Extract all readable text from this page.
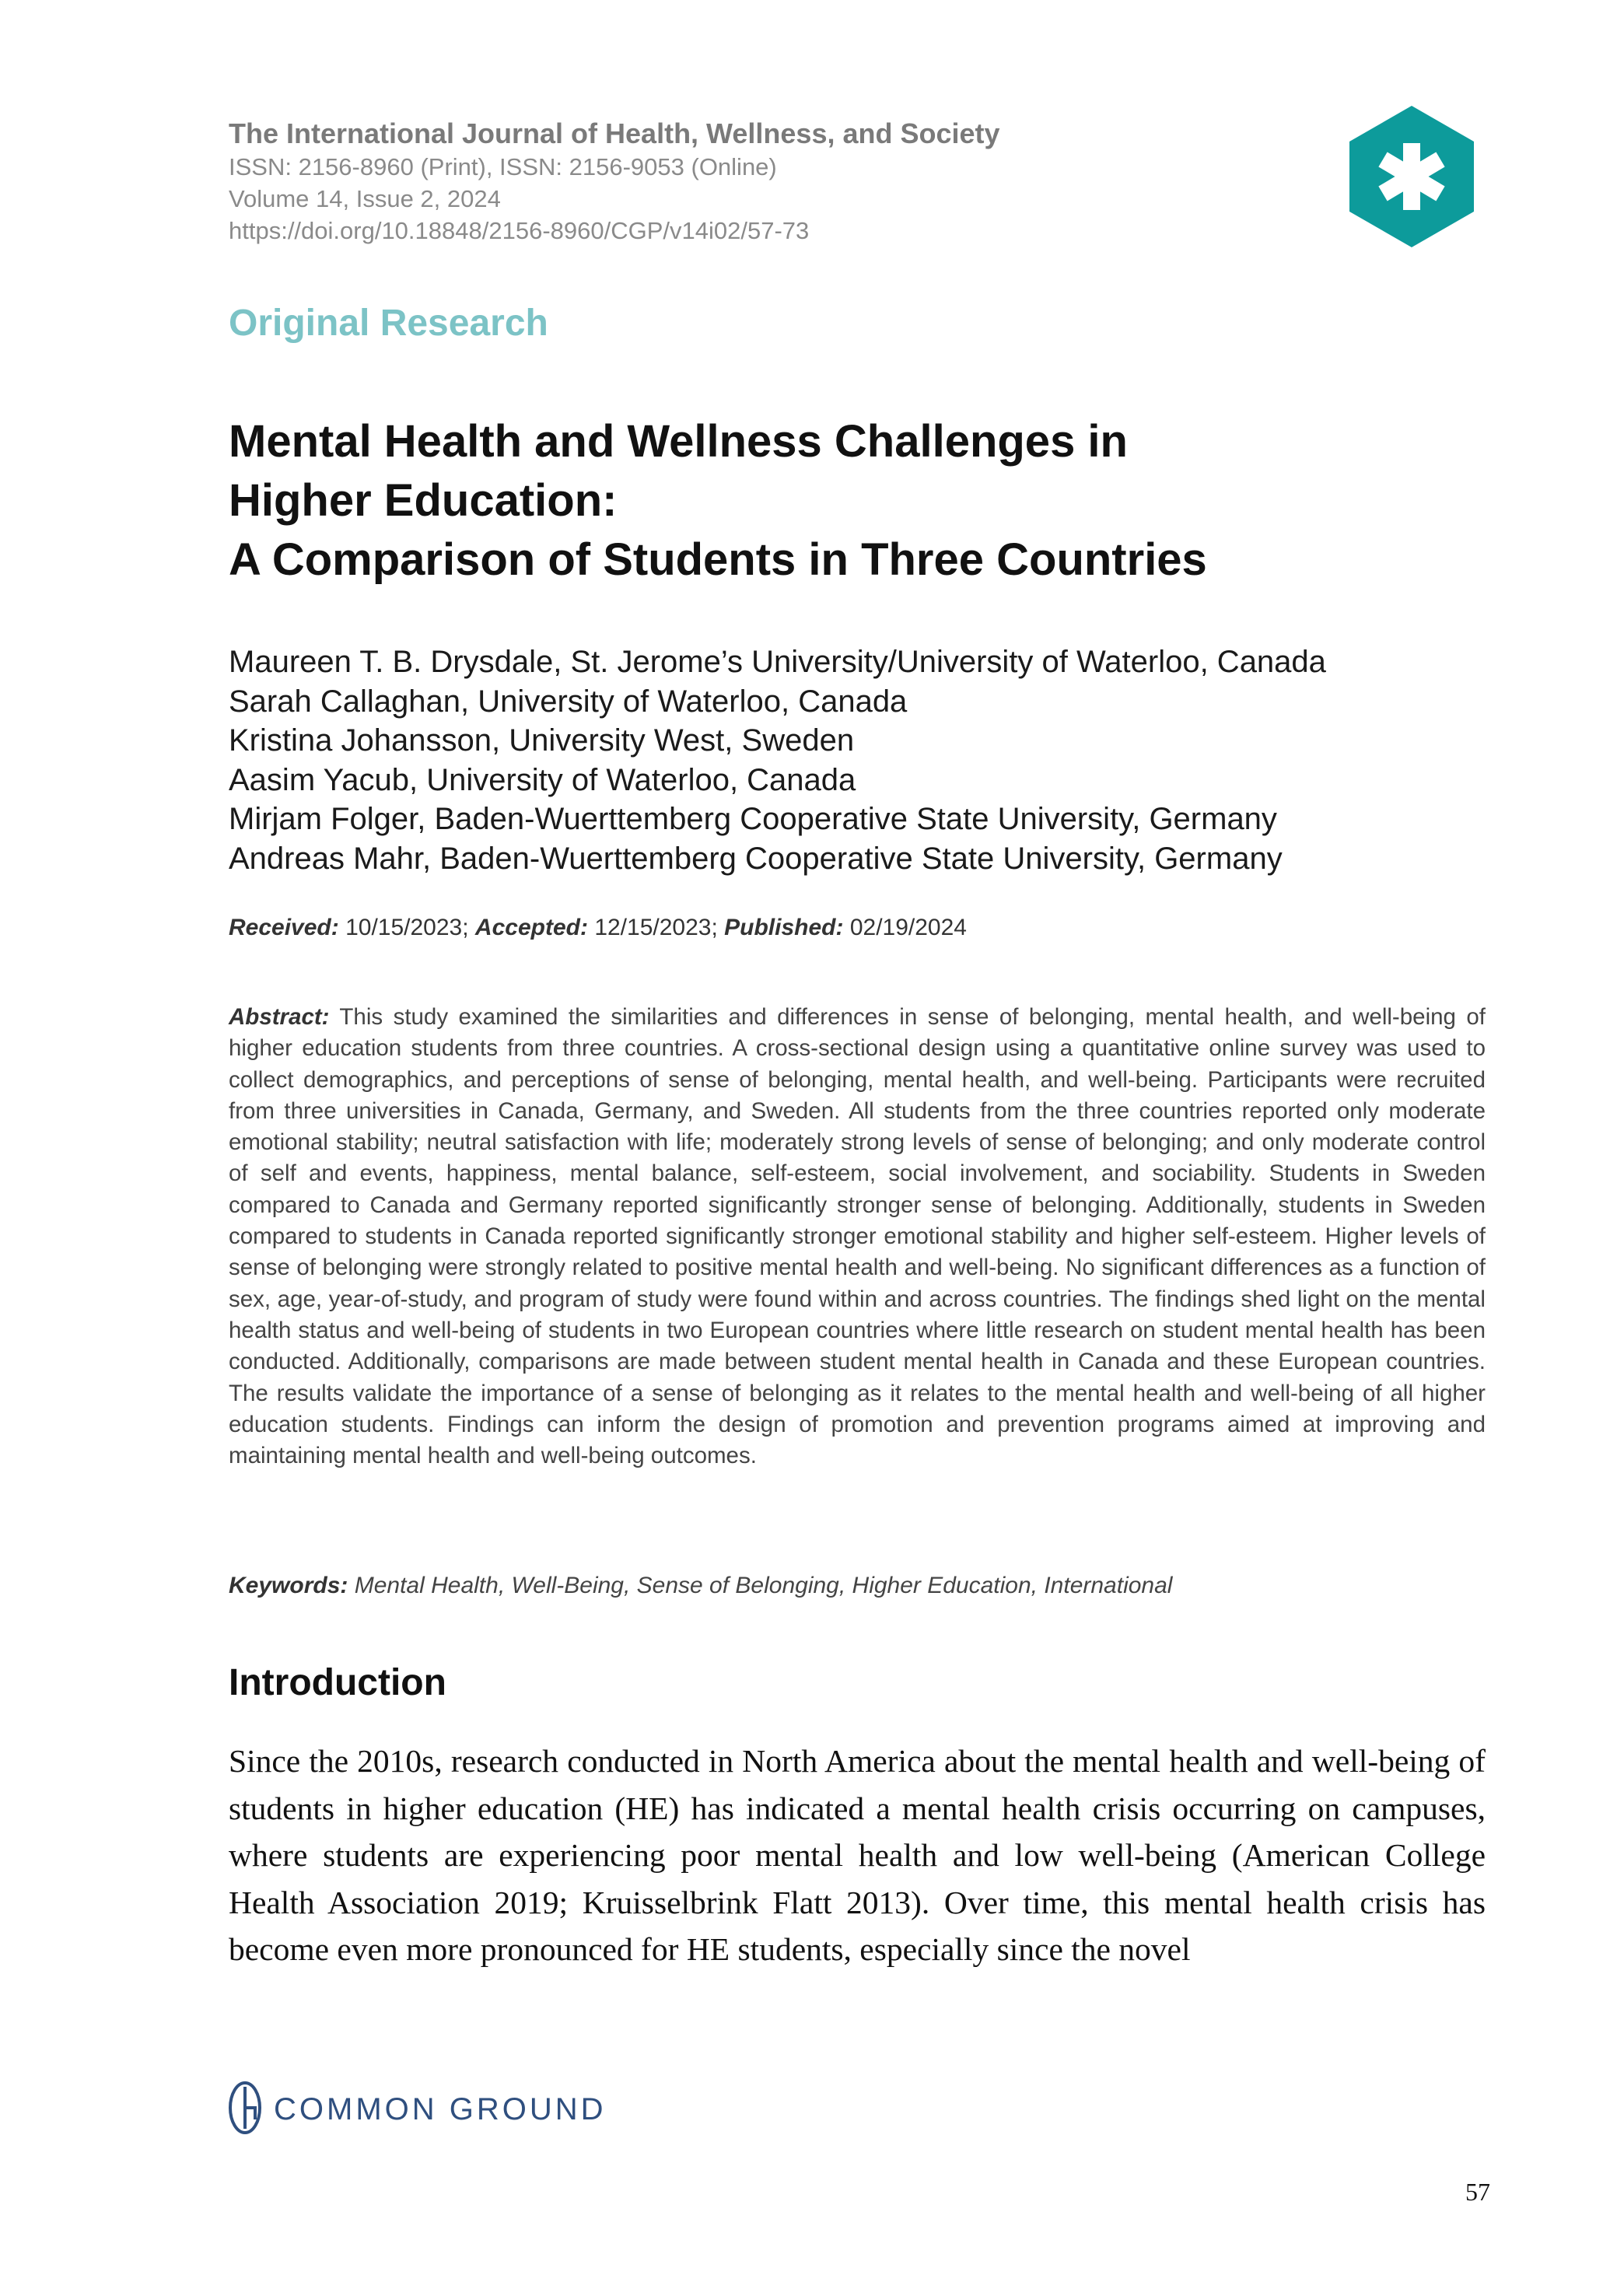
The International Journal of Health, Wellness, and Society
ISSN: 2156-8960 (Print), ISSN: 2156-9053 (Online)
Volume 14, Issue 2, 2024
https://doi.org/10.18848/2156-8960/CGP/v14i02/57-73
Original Research
Mental Health and Wellness Challenges in
Higher Education:
A Comparison of Students in Three Countries
Maureen T. B. Drysdale, St. Jerome’s University/University of Waterloo, Canada
Sarah Callaghan, University of Waterloo, Canada
Kristina Johansson, University West, Sweden
Aasim Yacub, University of Waterloo, Canada
Mirjam Folger, Baden-Wuerttemberg Cooperative State University, Germany
Andreas Mahr, Baden-Wuerttemberg Cooperative State University, Germany
Received: 10/15/2023; Accepted: 12/15/2023; Published: 02/19/2024
Abstract: This study examined the similarities and differences in sense of belonging, mental health, and well-being of higher education students from three countries. A cross-sectional design using a quantitative online survey was used to collect demographics, and perceptions of sense of belonging, mental health, and well-being. Participants were recruited from three universities in Canada, Germany, and Sweden. All students from the three countries reported only moderate emotional stability; neutral satisfaction with life; moderately strong levels of sense of belonging; and only moderate control of self and events, happiness, mental balance, self-esteem, social involvement, and sociability. Students in Sweden compared to Canada and Germany reported significantly stronger sense of belonging. Additionally, students in Sweden compared to students in Canada reported significantly stronger emotional stability and higher self-esteem. Higher levels of sense of belonging were strongly related to positive mental health and well-being. No significant differences as a function of sex, age, year-of-study, and program of study were found within and across countries. The findings shed light on the mental health status and well-being of students in two European countries where little research on student mental health has been conducted. Additionally, comparisons are made between student mental health in Canada and these European countries. The results validate the importance of a sense of belonging as it relates to the mental health and well-being of all higher education students. Findings can inform the design of promotion and prevention programs aimed at improving and maintaining mental health and well-being outcomes.
Keywords: Mental Health, Well-Being, Sense of Belonging, Higher Education, International
Introduction
Since the 2010s, research conducted in North America about the mental health and well-being of students in higher education (HE) has indicated a mental health crisis occurring on campuses, where students are experiencing poor mental health and low well-being (American College Health Association 2019; Kruisselbrink Flatt 2013). Over time, this mental health crisis has become even more pronounced for HE students, especially since the novel
COMMON GROUND
57
